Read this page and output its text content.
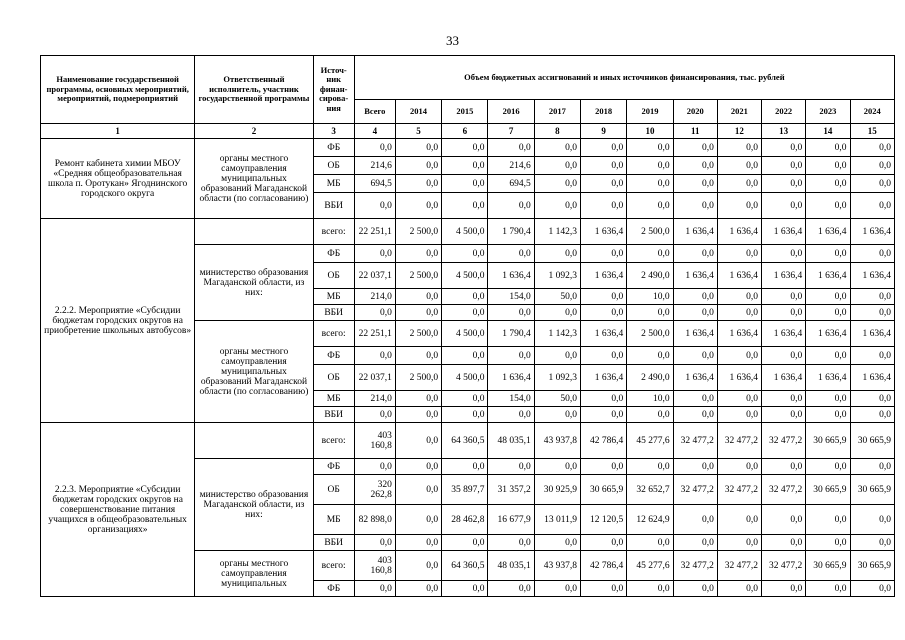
33
Наименование государственной программы, основных мероприятий, мероприятий, подмероприятий	Ответственный исполнитель, участник государственной программы	Источ-ник финан-сирова-ния	Объем бюджетных ассигнований и иных источников финансирования, тыс. рублей											
			Всего	2014	2015	2016	2017	2018	2019	2020	2021	2022	2023	2024
1	2	3	4	5	6	7	8	9	10	11	12	13	14	15
Ремонт кабинета химии МБОУ «Средняя общеобразовательная школа п. Оротукан» Ягоднинского городского округа	органы местного самоуправления муниципальных образований Магаданской области (по согласованию)	ФБ	0,0	0,0	0,0	0,0	0,0	0,0	0,0	0,0	0,0	0,0	0,0	0,0
		ОБ	214,6	0,0	0,0	214,6	0,0	0,0	0,0	0,0	0,0	0,0	0,0	0,0
		МБ	694,5	0,0	0,0	694,5	0,0	0,0	0,0	0,0	0,0	0,0	0,0	0,0
		ВБИ	0,0	0,0	0,0	0,0	0,0	0,0	0,0	0,0	0,0	0,0	0,0	0,0
2.2.2. Мероприятие «Субсидии бюджетам городских округов на приобретение школьных автобусов»		всего:	22 251,1	2 500,0	4 500,0	1 790,4	1 142,3	1 636,4	2 500,0	1 636,4	1 636,4	1 636,4	1 636,4	1 636,4
	министерство образования Магаданской области, из них:	ФБ	0,0	0,0	0,0	0,0	0,0	0,0	0,0	0,0	0,0	0,0	0,0	0,0
		ОБ	22 037,1	2 500,0	4 500,0	1 636,4	1 092,3	1 636,4	2 490,0	1 636,4	1 636,4	1 636,4	1 636,4	1 636,4
		МБ	214,0	0,0	0,0	154,0	50,0	0,0	10,0	0,0	0,0	0,0	0,0	0,0
		ВБИ	0,0	0,0	0,0	0,0	0,0	0,0	0,0	0,0	0,0	0,0	0,0	0,0
	органы местного самоуправления муниципальных образований Магаданской области (по согласованию)	всего:	22 251,1	2 500,0	4 500,0	1 790,4	1 142,3	1 636,4	2 500,0	1 636,4	1 636,4	1 636,4	1 636,4	1 636,4
		ФБ	0,0	0,0	0,0	0,0	0,0	0,0	0,0	0,0	0,0	0,0	0,0	0,0
		ОБ	22 037,1	2 500,0	4 500,0	1 636,4	1 092,3	1 636,4	2 490,0	1 636,4	1 636,4	1 636,4	1 636,4	1 636,4
		МБ	214,0	0,0	0,0	154,0	50,0	0,0	10,0	0,0	0,0	0,0	0,0	0,0
		ВБИ	0,0	0,0	0,0	0,0	0,0	0,0	0,0	0,0	0,0	0,0	0,0	0,0
2.2.3. Мероприятие «Субсидии бюджетам городских округов на совершенствование питания учащихся в общеобразовательных организациях»		всего:	403 160,8	0,0	64 360,5	48 035,1	43 937,8	42 786,4	45 277,6	32 477,2	32 477,2	32 477,2	30 665,9	30 665,9
	министерство образования Магаданской области, из них:	ФБ	0,0	0,0	0,0	0,0	0,0	0,0	0,0	0,0	0,0	0,0	0,0	0,0
		ОБ	320 262,8	0,0	35 897,7	31 357,2	30 925,9	30 665,9	32 652,7	32 477,2	32 477,2	32 477,2	30 665,9	30 665,9
		МБ	82 898,0	0,0	28 462,8	16 677,9	13 011,9	12 120,5	12 624,9	0,0	0,0	0,0	0,0	0,0
		ВБИ	0,0	0,0	0,0	0,0	0,0	0,0	0,0	0,0	0,0	0,0	0,0	0,0
	органы местного самоуправления муниципальных	всего:	403 160,8	0,0	64 360,5	48 035,1	43 937,8	42 786,4	45 277,6	32 477,2	32 477,2	32 477,2	30 665,9	30 665,9
		ФБ	0,0	0,0	0,0	0,0	0,0	0,0	0,0	0,0	0,0	0,0	0,0	0,0
